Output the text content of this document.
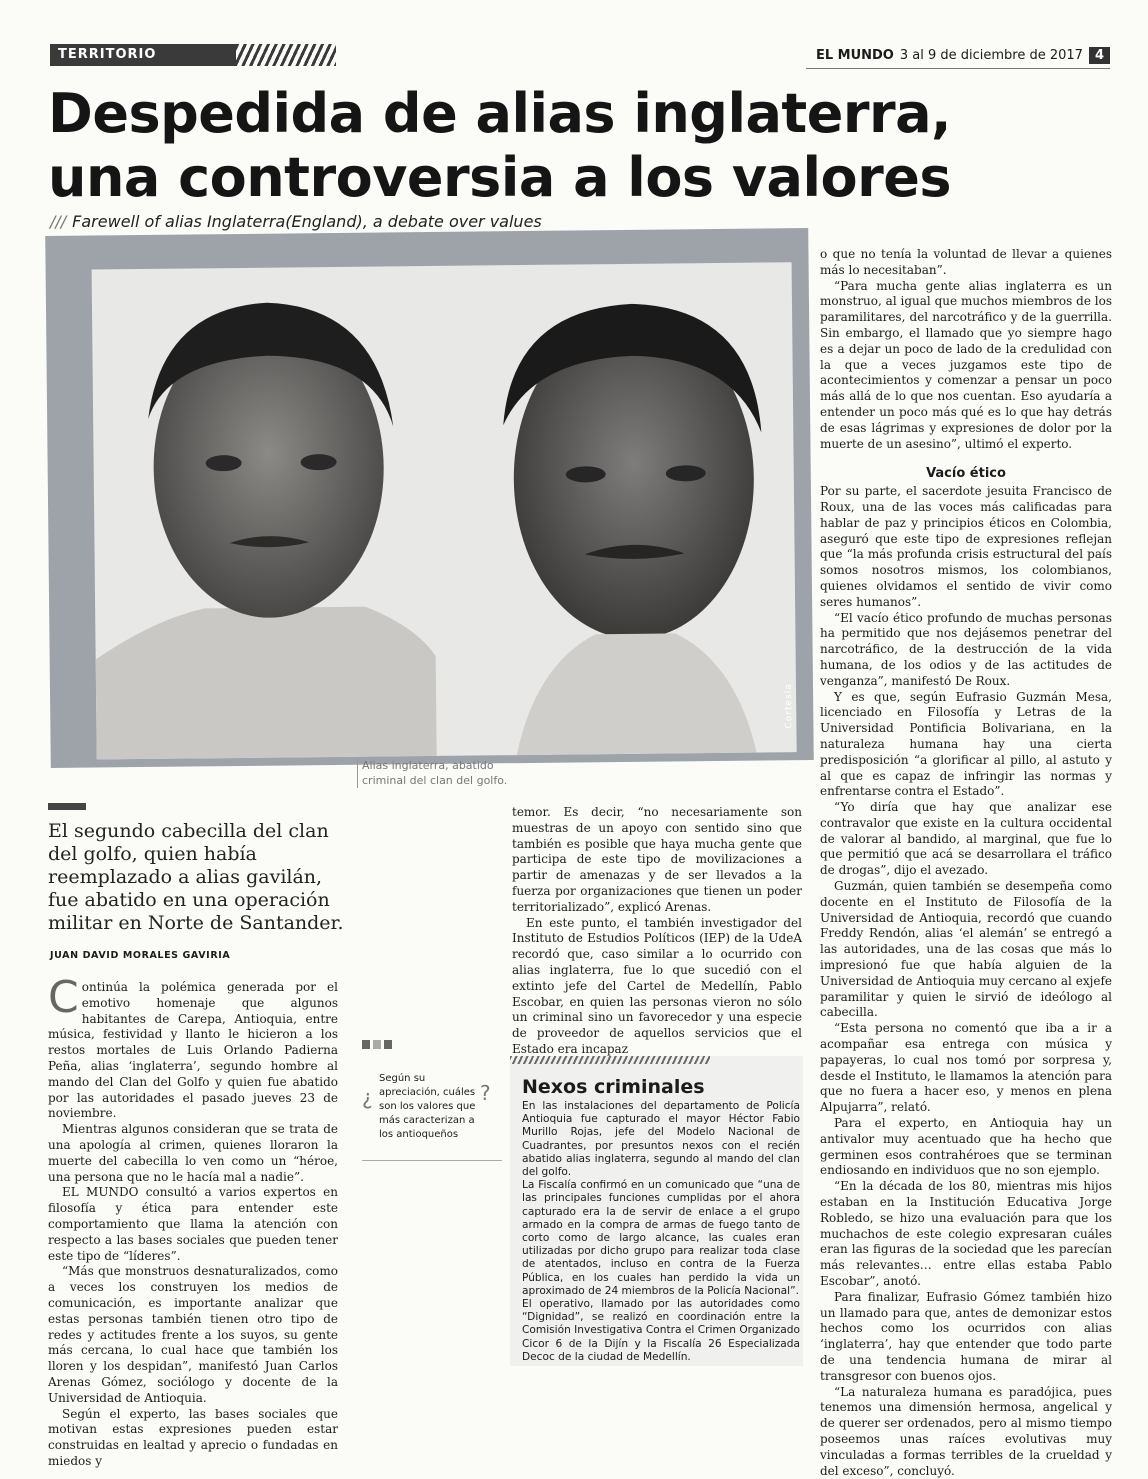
TERRITORIO	EL MUNDO 3 al 9 de diciembre de 2017 4
Despedida de alias inglaterra,
una controversia a los valores
/// Farewell of alias Inglaterra(England), a debate over values
Cortesía
Alias inglaterra, abatido criminal del clan del golfo.
El segundo cabecilla del clan del golfo, quien había reemplazado a alias gavilán, fue abatido en una operación militar en Norte de Santander.
JUAN DAVID MORALES GAVIRIA

Continúa la polémica generada por el emotivo homenaje que algunos habitantes de Carepa, Antioquia, entre música, festividad y llanto le hicieron a los restos mortales de Luis Orlando Padierna Peña, alias ‘inglaterra’, segundo hombre al mando del Clan del Golfo y quien fue abatido por las autoridades el pasado jueves 23 de noviembre.

Mientras algunos consideran que se trata de una apología al crimen, quienes lloraron la muerte del cabecilla lo ven como un “héroe, una persona que no le hacía mal a nadie”.

EL MUNDO consultó a varios expertos en filosofía y ética para entender este comportamiento que llama la atención con respecto a las bases sociales que pueden tener este tipo de “líderes”.

“Más que monstruos desnaturalizados, como a veces los construyen los medios de comunicación, es importante analizar que estas personas también tienen otro tipo de redes y actitudes frente a los suyos, su gente más cercana, lo cual hace que también los lloren y los despidan”, manifestó Juan Carlos Arenas Gómez, sociólogo y docente de la Universidad de Antioquia.

Según el experto, las bases sociales que motivan estas expresiones pueden estar construidas en lealtad y aprecio o fundadas en miedos y

¿
Según su apreciación, cuáles son los valores que más caracterizan a los antioqueños
?

temor. Es decir, “no necesariamente son muestras de un apoyo con sentido sino que también es posible que haya mucha gente que participa de este tipo de movilizaciones a partir de amenazas y de ser llevados a la fuerza por organizaciones que tienen un poder territorializado”, explicó Arenas.

En este punto, el también investigador del Instituto de Estudios Políticos (IEP) de la UdeA recordó que, caso similar a lo ocurrido con alias inglaterra, fue lo que sucedió con el extinto jefe del Cartel de Medellín, Pablo Escobar, en quien las personas vieron no sólo un criminal sino un favorecedor y una especie de proveedor de aquellos servicios que el Estado era incapaz

Nexos criminales

En las instalaciones del departamento de Policía Antioquia fue capturado el mayor Héctor Fabio Murillo Rojas, jefe del Modelo Nacional de Cuadrantes, por presuntos nexos con el recién abatido alias inglaterra, segundo al mando del clan del golfo.

La Fiscalía confirmó en un comunicado que “una de las principales funciones cumplidas por el ahora capturado era la de servir de enlace a el grupo armado en la compra de armas de fuego tanto de corto como de largo alcance, las cuales eran utilizadas por dicho grupo para realizar toda clase de atentados, incluso en contra de la Fuerza Pública, en los cuales han perdido la vida un aproximado de 24 miembros de la Policía Nacional”.

El operativo, llamado por las autoridades como “Dignidad”, se realizó en coordinación entre la Comisión Investigativa Contra el Crimen Organizado Cicor 6 de la Dijín y la Fiscalía 26 Especializada Decoc de la ciudad de Medellín.

o que no tenía la voluntad de llevar a quienes más lo necesitaban”.

“Para mucha gente alias inglaterra es un monstruo, al igual que muchos miembros de los paramilitares, del narcotráfico y de la guerrilla. Sin embargo, el llamado que yo siempre hago es a dejar un poco de lado de la credulidad con la que a veces juzgamos este tipo de acontecimientos y comenzar a pensar un poco más allá de lo que nos cuentan. Eso ayudaría a entender un poco más qué es lo que hay detrás de esas lágrimas y expresiones de dolor por la muerte de un asesino”, ultimó el experto.

Vacío ético

Por su parte, el sacerdote jesuita Francisco de Roux, una de las voces más calificadas para hablar de paz y principios éticos en Colombia, aseguró que este tipo de expresiones reflejan que “la más profunda crisis estructural del país somos nosotros mismos, los colombianos, quienes olvidamos el sentido de vivir como seres humanos”.

“El vacío ético profundo de muchas personas ha permitido que nos dejásemos penetrar del narcotráfico, de la destrucción de la vida humana, de los odios y de las actitudes de venganza”, manifestó De Roux.

Y es que, según Eufrasio Guzmán Mesa, licenciado en Filosofía y Letras de la Universidad Pontificia Bolivariana, en la naturaleza humana hay una cierta predisposición “a glorificar al pillo, al astuto y al que es capaz de infringir las normas y enfrentarse contra el Estado”.

“Yo diría que hay que analizar ese contravalor que existe en la cultura occidental de valorar al bandido, al marginal, que fue lo que permitió que acá se desarrollara el tráfico de drogas”, dijo el avezado.

Guzmán, quien también se desempeña como docente en el Instituto de Filosofía de la Universidad de Antioquia, recordó que cuando Freddy Rendón, alias ‘el alemán’ se entregó a las autoridades, una de las cosas que más lo impresionó fue que había alguien de la Universidad de Antioquia muy cercano al exjefe paramilitar y quien le sirvió de ideólogo al cabecilla.

“Esta persona no comentó que iba a ir a acompañar esa entrega con música y papayeras, lo cual nos tomó por sorpresa y, desde el Instituto, le llamamos la atención para que no fuera a hacer eso, y menos en plena Alpujarra”, relató.

Para el experto, en Antioquia hay un antivalor muy acentuado que ha hecho que germinen esos contrahéroes que se terminan endiosando en individuos que no son ejemplo.

“En la década de los 80, mientras mis hijos estaban en la Institución Educativa Jorge Robledo, se hizo una evaluación para que los muchachos de este colegio expresaran cuáles eran las figuras de la sociedad que les parecían más relevantes… entre ellas estaba Pablo Escobar”, anotó.

Para finalizar, Eufrasio Gómez también hizo un llamado para que, antes de demonizar estos hechos como los ocurridos con alias ‘inglaterra’, hay que entender que todo parte de una tendencia humana de mirar al transgresor con buenos ojos.

“La naturaleza humana es paradójica, pues tenemos una dimensión hermosa, angelical y de querer ser ordenados, pero al mismo tiempo poseemos unas raíces evolutivas muy vinculadas a formas terribles de la crueldad y del exceso”, concluyó.
